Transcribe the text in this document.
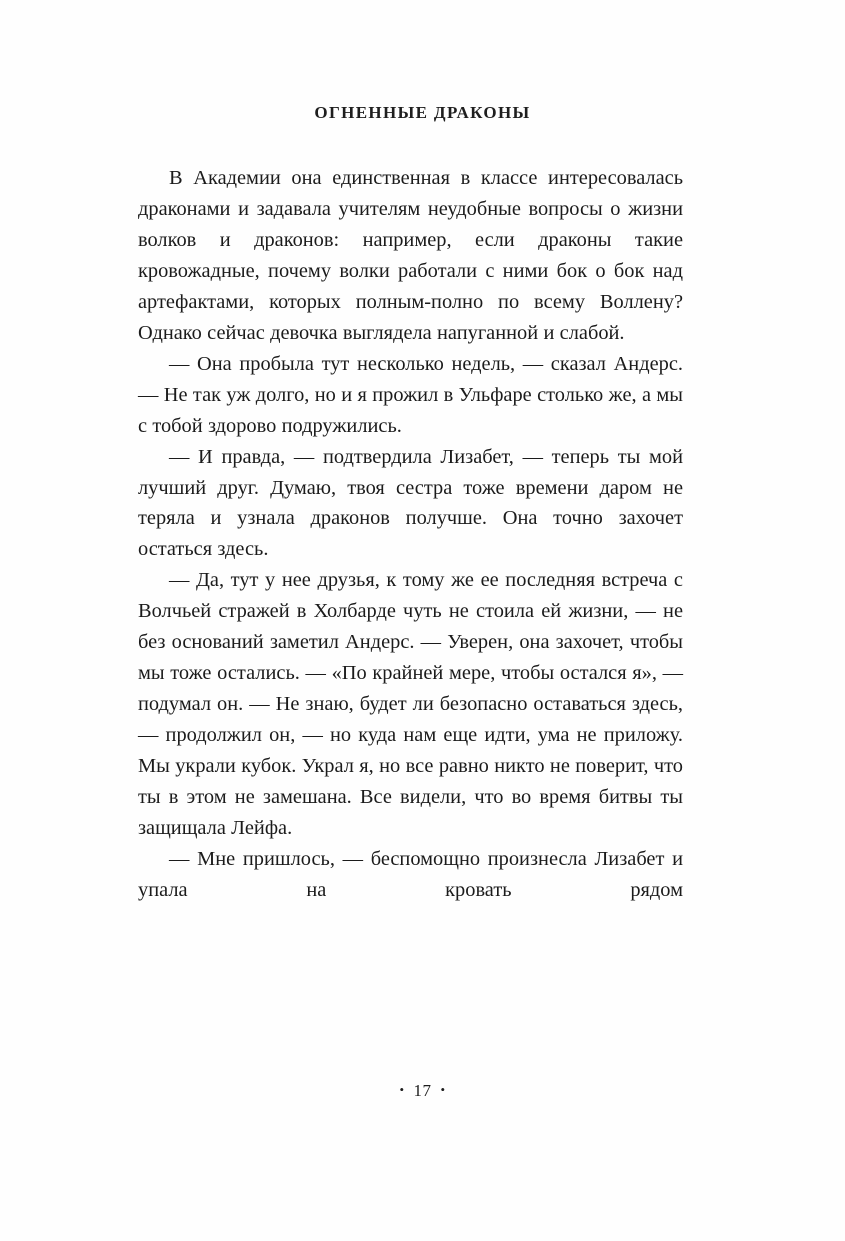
ОГНЕННЫЕ ДРАКОНЫ

В Академии она единственная в классе интересовалась драконами и задавала учителям неудобные вопросы о жизни волков и драконов: например, если драконы такие кровожадные, почему волки работали с ними бок о бок над артефактами, которых полным-полно по всему Воллену? Однако сейчас девочка выглядела напуганной и слабой.

— Она пробыла тут несколько недель, — сказал Андерс. — Не так уж долго, но и я прожил в Ульфаре столько же, а мы с тобой здорово подружились.

— И правда, — подтвердила Лизабет, — теперь ты мой лучший друг. Думаю, твоя сестра тоже времени даром не теряла и узнала драконов получше. Она точно захочет остаться здесь.

— Да, тут у нее друзья, к тому же ее последняя встреча с Волчьей стражей в Холбарде чуть не стоила ей жизни, — не без оснований заметил Андерс. — Уверен, она захочет, чтобы мы тоже остались. — «По крайней мере, чтобы остался я», — подумал он. — Не знаю, будет ли безопасно оставаться здесь, — продолжил он, — но куда нам еще идти, ума не приложу. Мы украли кубок. Украл я, но все равно никто не поверит, что ты в этом не замешана. Все видели, что во время битвы ты защищала Лейфа.

— Мне пришлось, — беспомощно произнесла Лизабет и упала на кровать рядом

• 17 •
